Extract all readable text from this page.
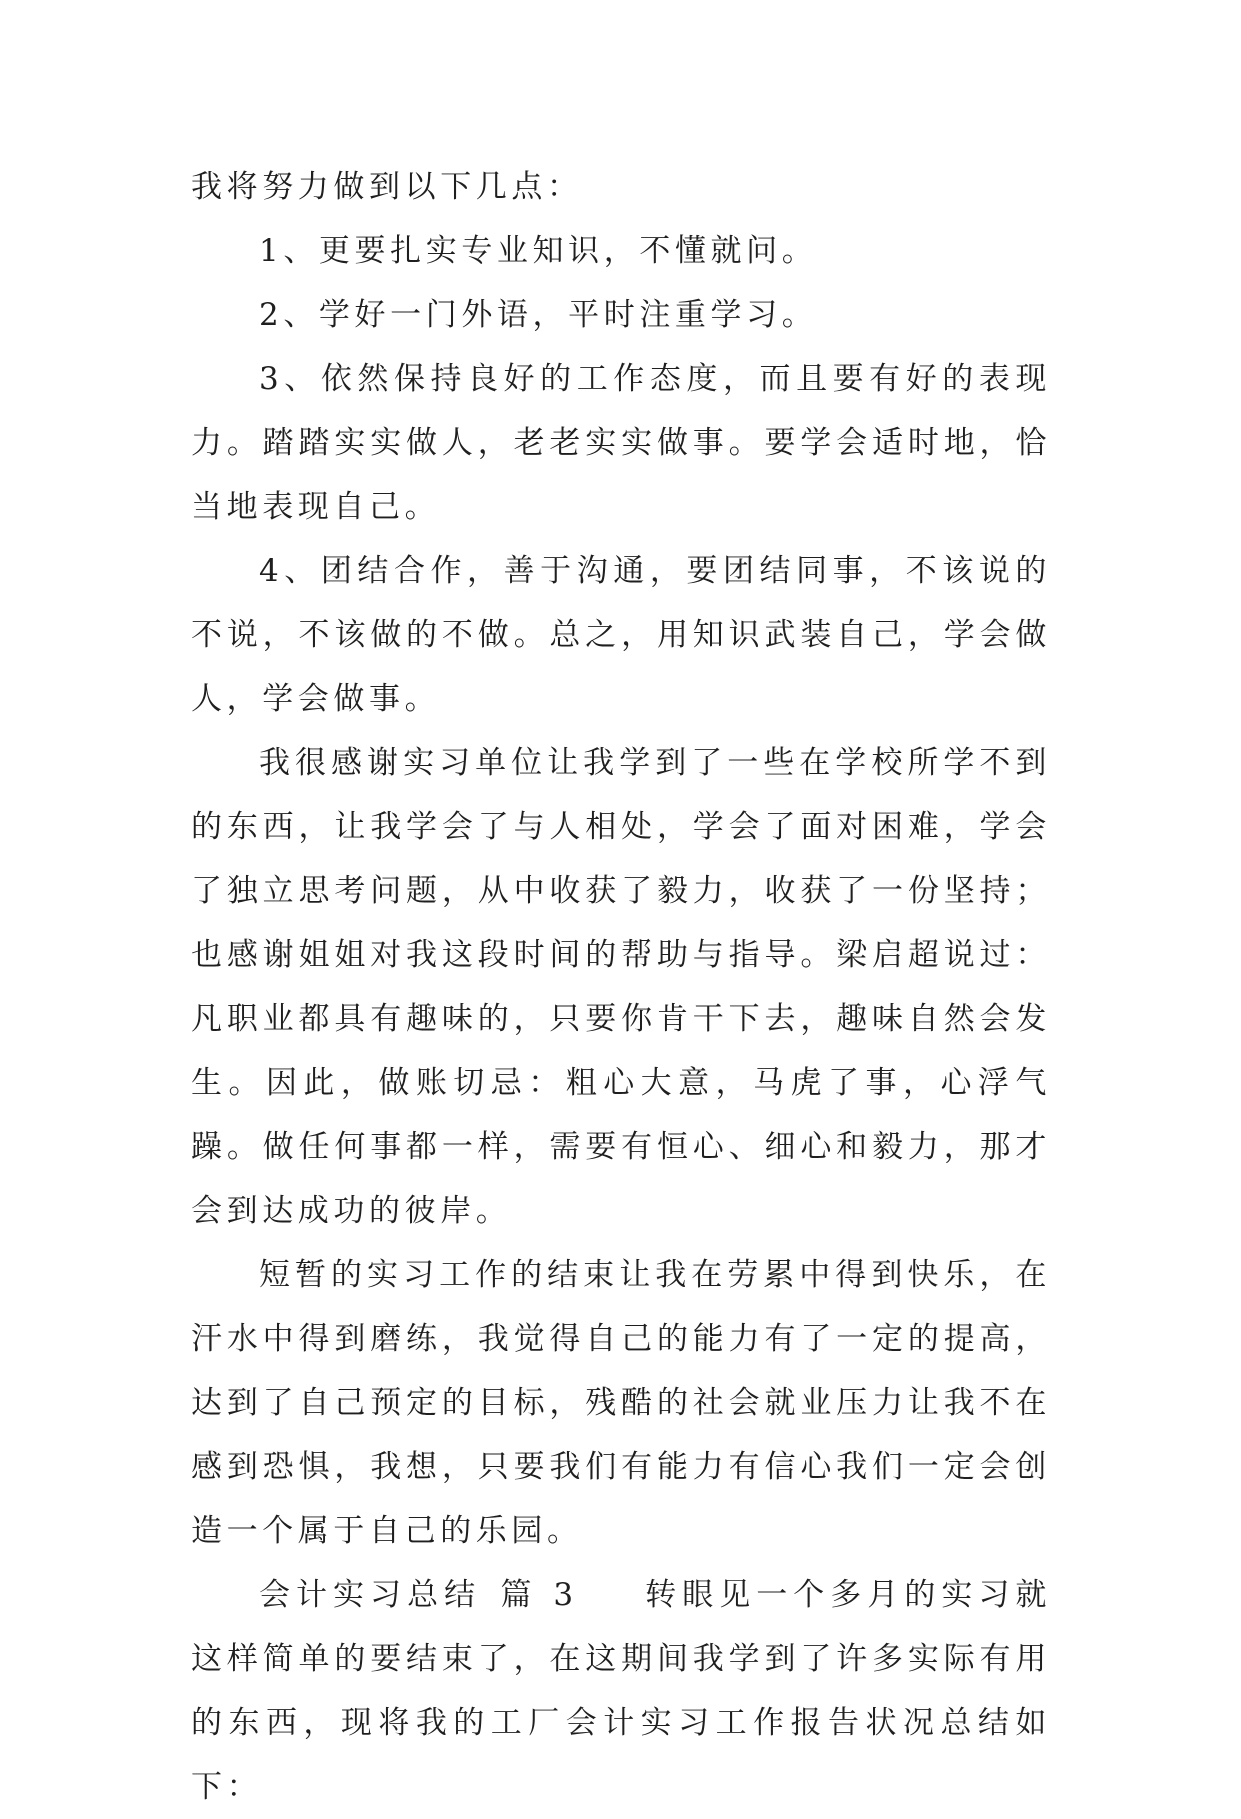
我将努力做到以下几点：

1、更要扎实专业知识，不懂就问。

2、学好一门外语，平时注重学习。

3、依然保持良好的工作态度，而且要有好的表现力。踏踏实实做人，老老实实做事。要学会适时地，恰当地表现自己。

4、团结合作，善于沟通，要团结同事，不该说的不说，不该做的不做。总之，用知识武装自己，学会做人，学会做事。

我很感谢实习单位让我学到了一些在学校所学不到的东西，让我学会了与人相处，学会了面对困难，学会了独立思考问题，从中收获了毅力，收获了一份坚持；也感谢姐姐对我这段时间的帮助与指导。梁启超说过：凡职业都具有趣味的，只要你肯干下去，趣味自然会发生。因此，做账切忌：粗心大意，马虎了事，心浮气躁。做任何事都一样，需要有恒心、细心和毅力，那才会到达成功的彼岸。

短暂的实习工作的结束让我在劳累中得到快乐，在汗水中得到磨练，我觉得自己的能力有了一定的提高，达到了自己预定的目标，残酷的社会就业压力让我不在感到恐惧，我想，只要我们有能力有信心我们一定会创造一个属于自己的乐园。

会计实习总结 篇 3 转眼见一个多月的实习就这样简单的要结束了，在这期间我学到了许多实际有用的东西，现将我的工厂会计实习工作报告状况总结如下：
